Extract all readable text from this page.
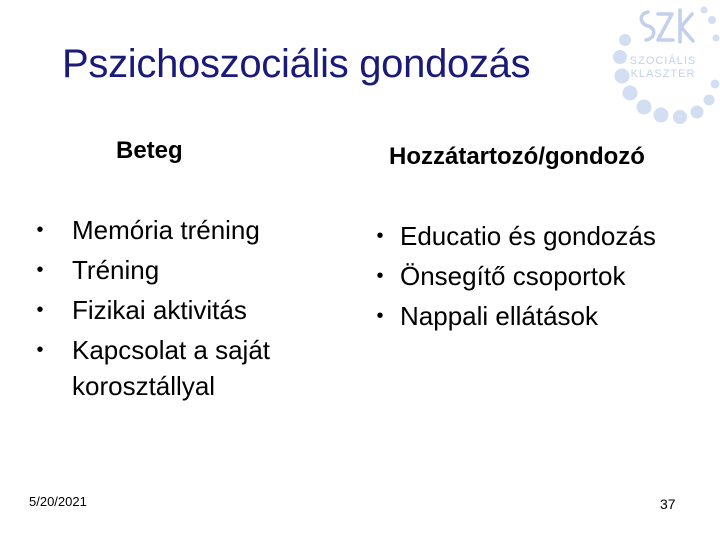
Pszichoszociális gondozás	SZOCIÁLIS
KLASZTER
Beteg	Hozzátartozó/gondozó
• Memória tréning
• Tréning
• Fizikai aktivitás
• Kapcsolat a saját korosztállyal
• Educatio és gondozás
• Önsegítő csoportok
• Nappali ellátások
5/20/2021	37
